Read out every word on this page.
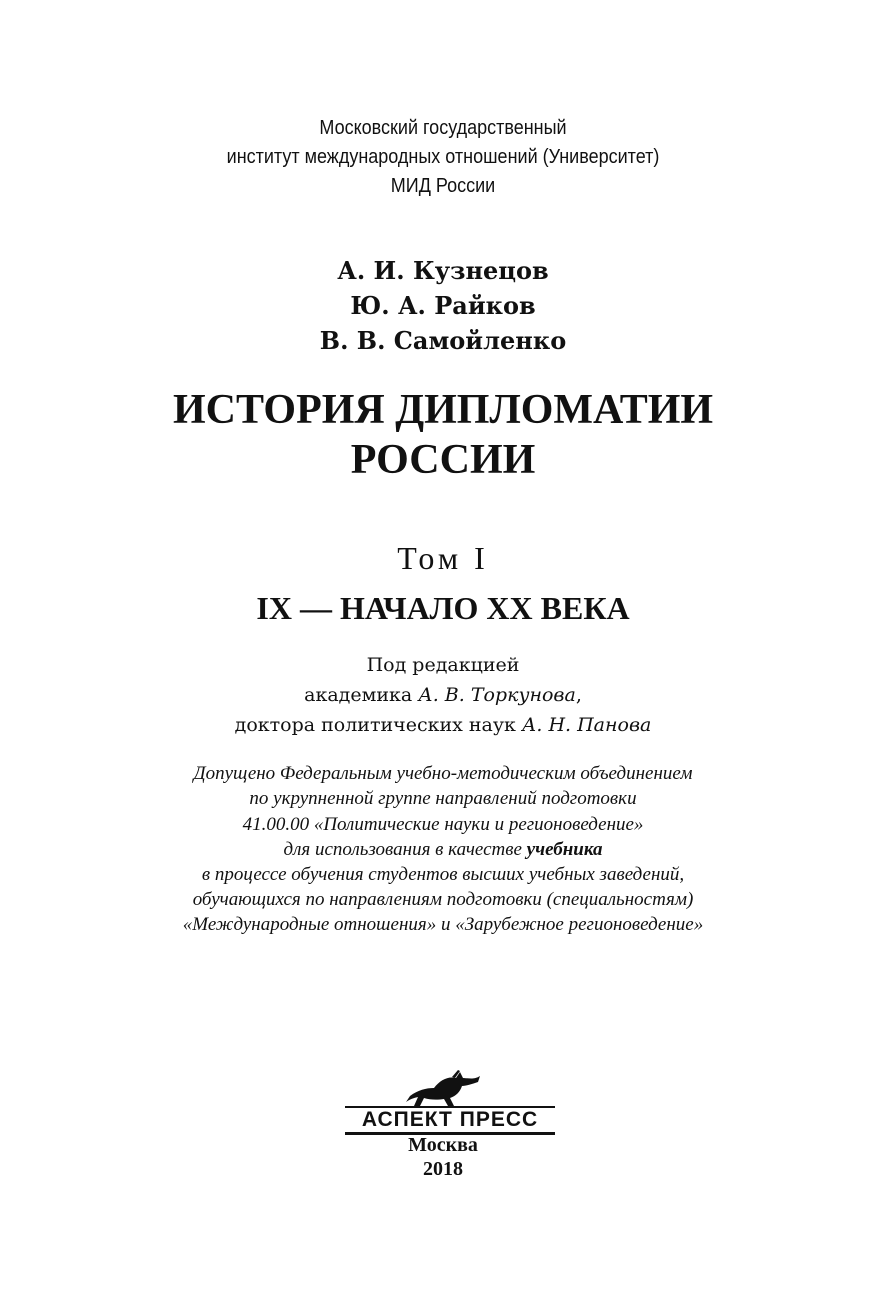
Московский государственный
институт международных отношений (Университет)
МИД России
А. И. Кузнецов
Ю. А. Райков
В. В. Самойленко
ИСТОРИЯ ДИПЛОМАТИИ
РОССИИ
Том I
IX — НАЧАЛО XX ВЕКА
Под редакцией
академика А. В. Торкунова,
доктора политических наук А. Н. Панова
Допущено Федеральным учебно-методическим объединением
по укрупненной группе направлений подготовки
41.00.00 «Политические науки и регионоведение»
для использования в качестве учебника
в процессе обучения студентов высших учебных заведений,
обучающихся по направлениям подготовки (специальностям)
«Международные отношения» и «Зарубежное регионоведение»
АСПЕКТ ПРЕСС
Москва
2018
